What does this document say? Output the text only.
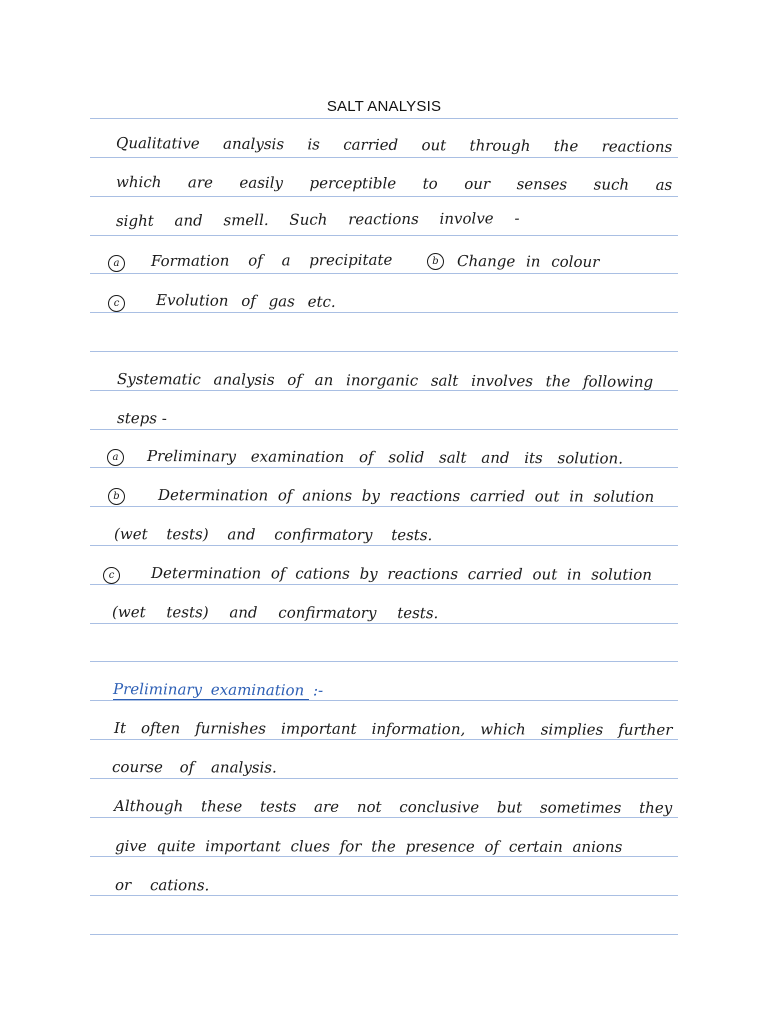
SALT ANALYSIS
Qualitative analysis is carried out through the reactions
which are easily perceptible to our senses such as
sight and smell. Such reactions involve -
a	Formation of a precipitate	b	Change in colour
c	Evolution of gas etc.
Systematic analysis of an inorganic salt involves the following
steps -
a	Preliminary examination of solid salt and its solution.
b	Determination of anions by reactions carried out in solution
(wet tests) and confirmatory tests.
c	Determination of cations by reactions carried out in solution
(wet tests) and confirmatory tests.
Preliminary examination :-
It often furnishes important information, which simplies further
course of analysis.
Although these tests are not conclusive but sometimes they
give quite important clues for the presence of certain anions
or cations.
